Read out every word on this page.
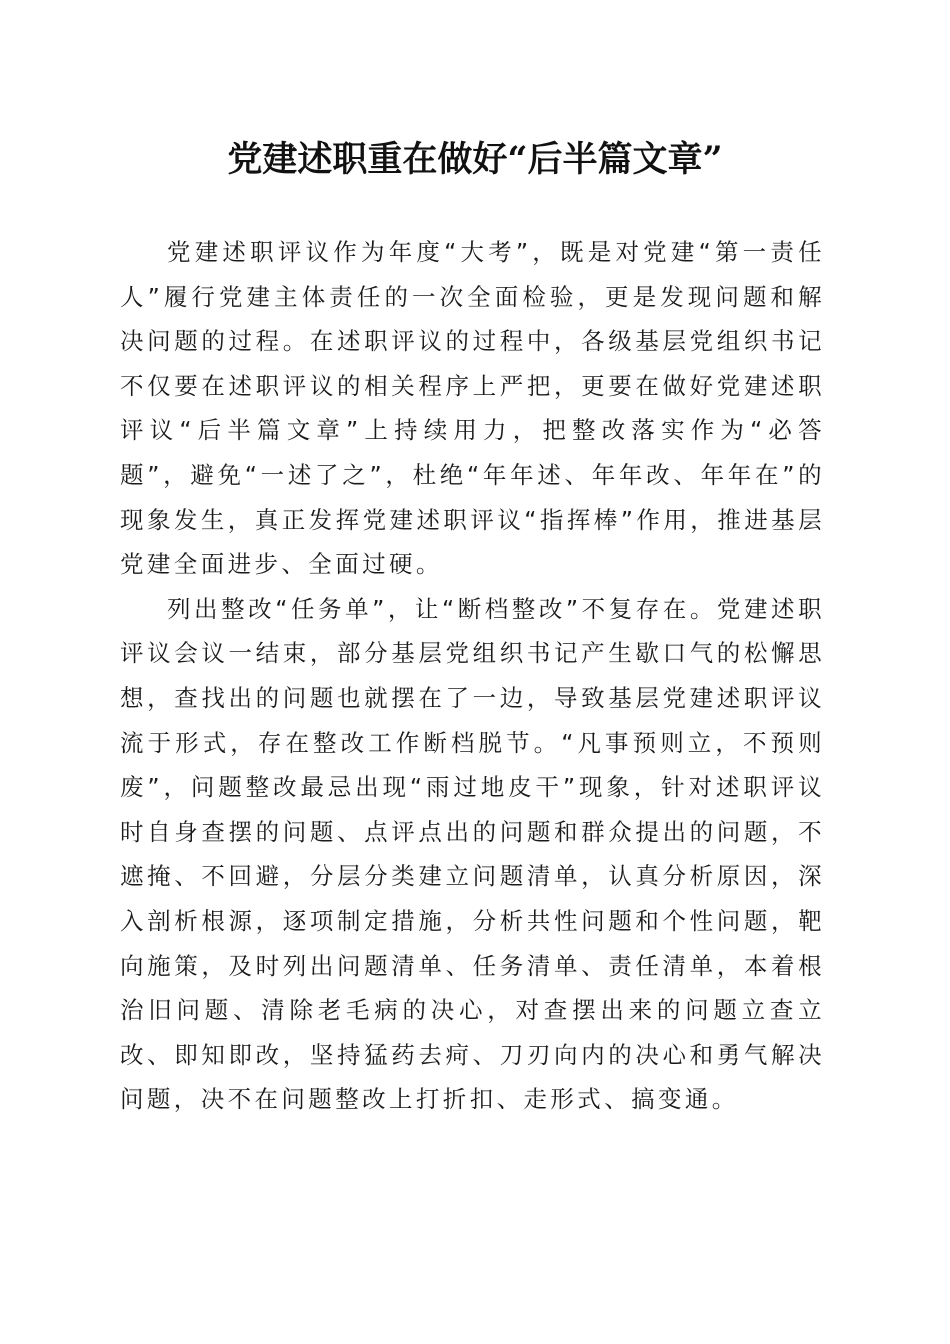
党建述职重在做好“后半篇文章”

党建述职评议作为年度“大考”，既是对党建“第一责任人”履行党建主体责任的一次全面检验，更是发现问题和解决问题的过程。在述职评议的过程中，各级基层党组织书记不仅要在述职评议的相关程序上严把，更要在做好党建述职评议“后半篇文章”上持续用力，把整改落实作为“必答题”，避免“一述了之”，杜绝“年年述、年年改、年年在”的现象发生，真正发挥党建述职评议“指挥棒”作用，推进基层党建全面进步、全面过硬。

列出整改“任务单”，让“断档整改”不复存在。党建述职评议会议一结束，部分基层党组织书记产生歇口气的松懈思想，查找出的问题也就摆在了一边，导致基层党建述职评议流于形式，存在整改工作断档脱节。“凡事预则立，不预则废”，问题整改最忌出现“雨过地皮干”现象，针对述职评议时自身查摆的问题、点评点出的问题和群众提出的问题，不遮掩、不回避，分层分类建立问题清单，认真分析原因，深入剖析根源，逐项制定措施，分析共性问题和个性问题，靶向施策，及时列出问题清单、任务清单、责任清单，本着根治旧问题、清除老毛病的决心，对查摆出来的问题立查立改、即知即改，坚持猛药去疴、刀刃向内的决心和勇气解决问题，决不在问题整改上打折扣、走形式、搞变通。
